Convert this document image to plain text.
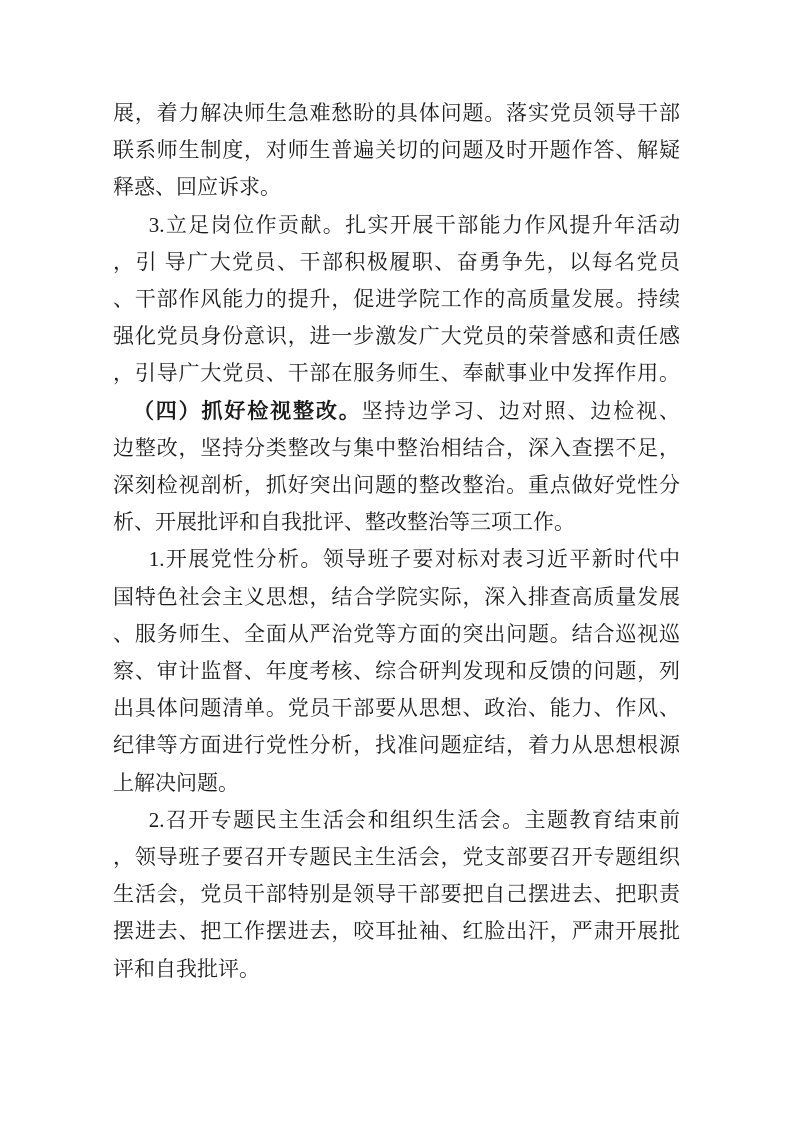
展，着力解决师生急难愁盼的具体问题。落实党员领导干部
联系师生制度，对师生普遍关切的问题及时开题作答、解疑
释惑、回应诉求。
3.立足岗位作贡献。扎实开展干部能力作风提升年活动
，引 导广大党员、干部积极履职、奋勇争先，以每名党员
、干部作风能力的提升，促进学院工作的高质量发展。持续
强化党员身份意识，进一步激发广大党员的荣誉感和责任感
，引导广大党员、干部在服务师生、奉献事业中发挥作用。
（四）抓好检视整改。坚持边学习、边对照、边检视、
边整改，坚持分类整改与集中整治相结合，深入查摆不足，
深刻检视剖析，抓好突出问题的整改整治。重点做好党性分
析、开展批评和自我批评、整改整治等三项工作。
1.开展党性分析。领导班子要对标对表习近平新时代中
国特色社会主义思想，结合学院实际，深入排查高质量发展
、服务师生、全面从严治党等方面的突出问题。结合巡视巡
察、审计监督、年度考核、综合研判发现和反馈的问题，列
出具体问题清单。党员干部要从思想、政治、能力、作风、
纪律等方面进行党性分析，找准问题症结，着力从思想根源
上解决问题。
2.召开专题民主生活会和组织生活会。主题教育结束前
，领导班子要召开专题民主生活会，党支部要召开专题组织
生活会，党员干部特别是领导干部要把自己摆进去、把职责
摆进去、把工作摆进去，咬耳扯袖、红脸出汗，严肃开展批
评和自我批评。
